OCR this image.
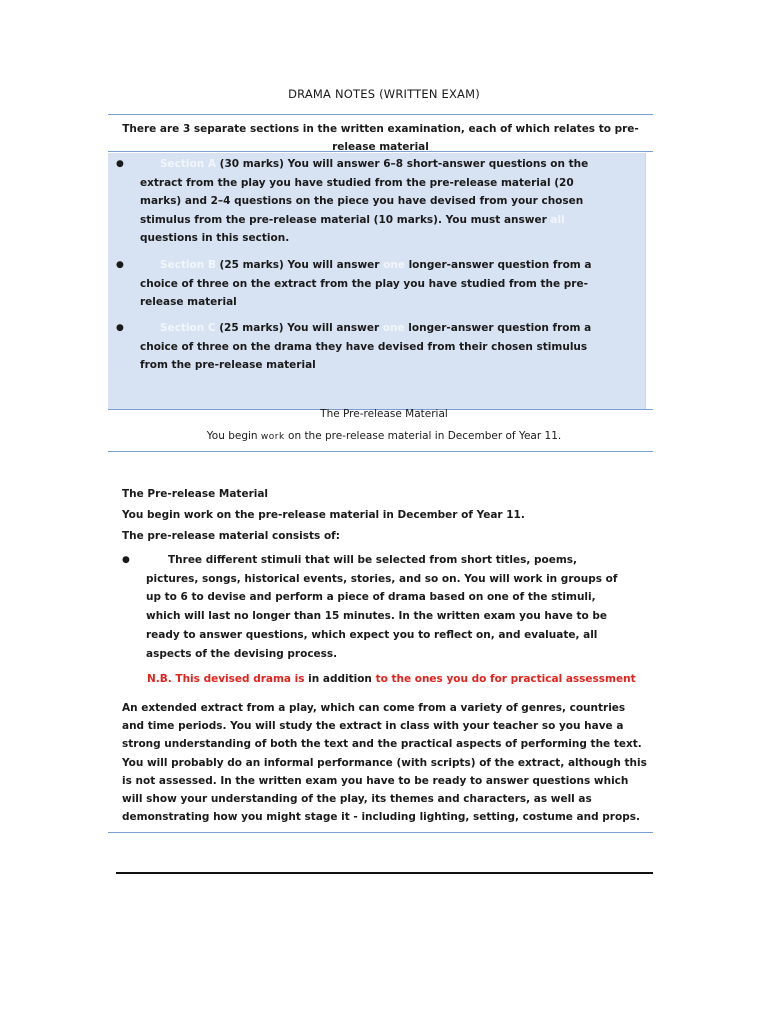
DRAMA NOTES (WRITTEN EXAM)
There are 3 separate sections in the written examination, each of which relates to pre-release material
●	Section A (30 marks) You will answer 6–8 short-answer questions on the extract from the play you have studied from the pre-release material (20 marks) and 2–4 questions on the piece you have devised from your chosen stimulus from the pre-release material (10 marks). You must answer all questions in this section.
●	Section B (25 marks) You will answer one longer-answer question from a choice of three on the extract from the play you have studied from the pre-release material
●	Section C (25 marks) You will answer one longer-answer question from a choice of three on the drama they have devised from their chosen stimulus from the pre-release material
The Pre-release Material
You begin work on the pre-release material in December of Year 11.
The Pre-release Material
You begin work on the pre-release material in December of Year 11.
The pre-release material consists of:
●	Three different stimuli that will be selected from short titles, poems, pictures, songs, historical events, stories, and so on. You will work in groups of up to 6 to devise and perform a piece of drama based on one of the stimuli, which will last no longer than 15 minutes. In the written exam you have to be ready to answer questions, which expect you to reflect on, and evaluate, all aspects of the devising process.
N.B. This devised drama is in addition to the ones you do for practical assessment
An extended extract from a play, which can come from a variety of genres, countries and time periods. You will study the extract in class with your teacher so you have a strong understanding of both the text and the practical aspects of performing the text. You will probably do an informal performance (with scripts) of the extract, although this is not assessed. In the written exam you have to be ready to answer questions which will show your understanding of the play, its themes and characters, as well as demonstrating how you might stage it - including lighting, setting, costume and props.
